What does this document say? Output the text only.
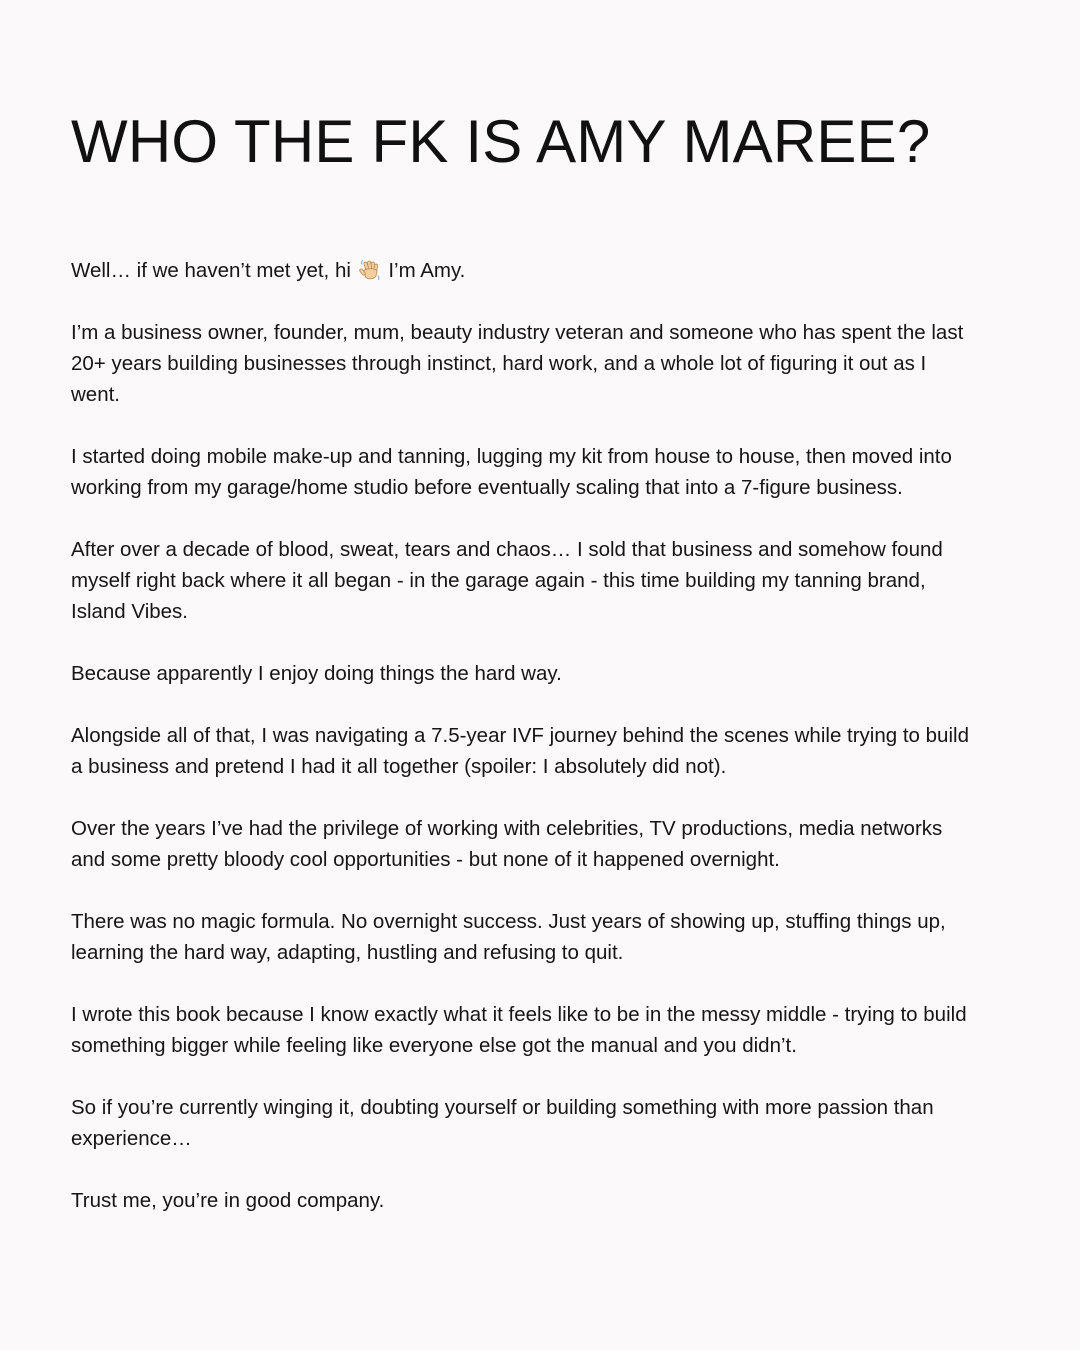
WHO THE FK IS AMY MAREE?

Well… if we haven’t met yet, hi I’m Amy.

I’m a business owner, founder, mum, beauty industry veteran and someone who has spent the last 20+ years building businesses through instinct, hard work, and a whole lot of figuring it out as I went.

I started doing mobile make-up and tanning, lugging my kit from house to house, then moved into working from my garage/home studio before eventually scaling that into a 7-figure business.

After over a decade of blood, sweat, tears and chaos… I sold that business and somehow found myself right back where it all began - in the garage again - this time building my tanning brand, Island Vibes.

Because apparently I enjoy doing things the hard way.

Alongside all of that, I was navigating a 7.5-year IVF journey behind the scenes while trying to build a business and pretend I had it all together (spoiler: I absolutely did not).

Over the years I’ve had the privilege of working with celebrities, TV productions, media networks and some pretty bloody cool opportunities - but none of it happened overnight.

There was no magic formula. No overnight success. Just years of showing up, stuffing things up, learning the hard way, adapting, hustling and refusing to quit.

I wrote this book because I know exactly what it feels like to be in the messy middle - trying to build something bigger while feeling like everyone else got the manual and you didn’t.

So if you’re currently winging it, doubting yourself or building something with more passion than experience…

Trust me, you’re in good company.
